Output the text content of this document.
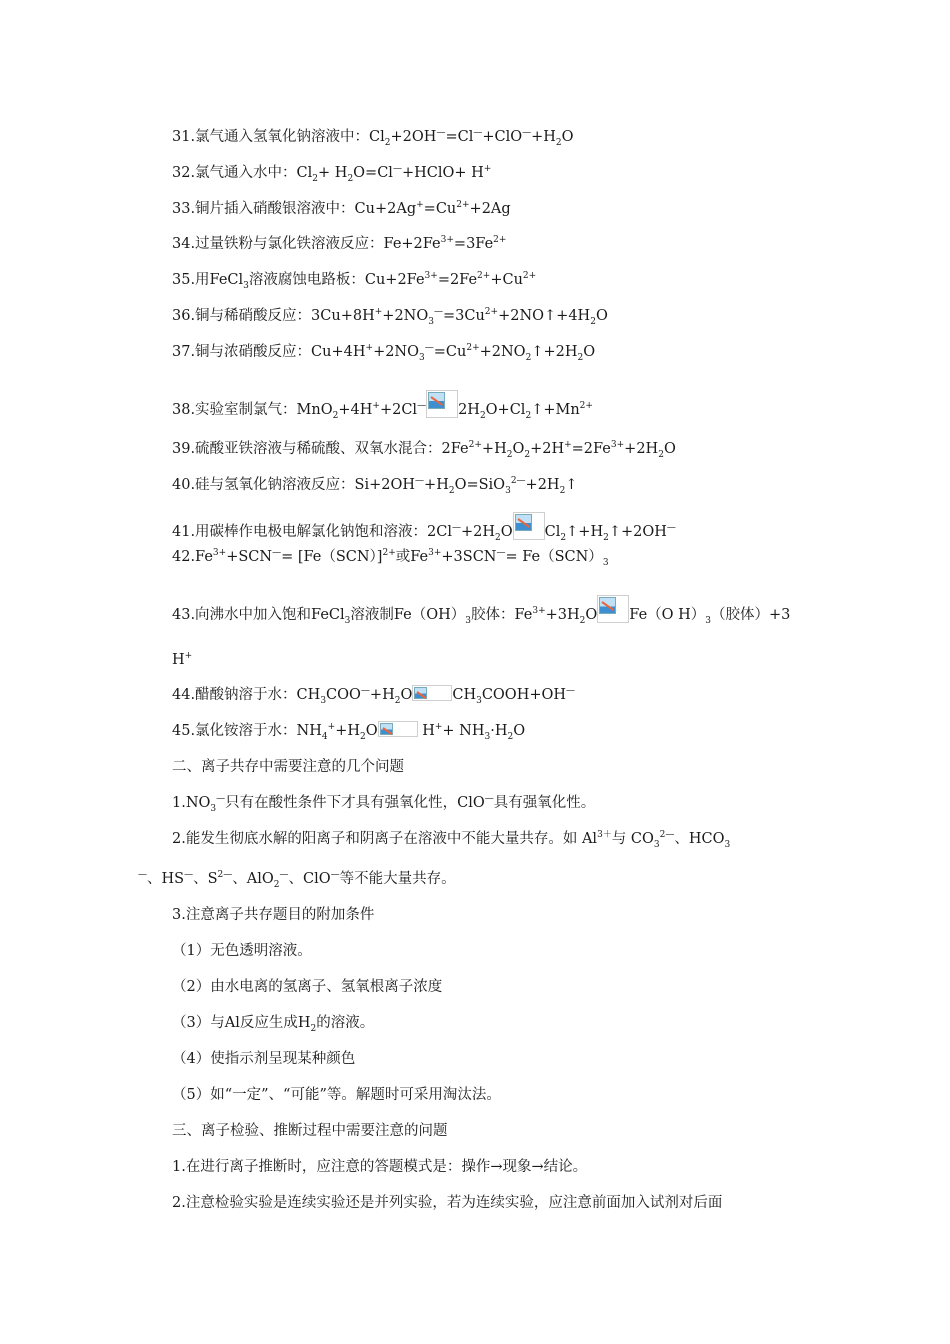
31.氯气通入氢氧化钠溶液中：$Cl_2+2OH^—=Cl^—+ClO^—+H_2O$
32.氯气通入水中：$Cl_2+$ $H_2O=Cl^—+HClO+ H^+$
33.铜片插入硝酸银溶液中：$Cu+2Ag^+=Cu^{2+}+2Ag$
34.过量铁粉与氯化铁溶液反应：$Fe+2Fe^{3+}=3Fe^{2+}$
35.用FeCl$_3$溶液腐蚀电路板：$Cu+2Fe^{3+}=2Fe^{2+}+Cu^{2+}$
36.铜与稀硝酸反应：$3Cu+8H^++2NO_3^—=3Cu^{2+}+2NO↑+4H_2O$
37.铜与浓硝酸反应：$Cu+4H^++2NO_3^—=Cu^{2+}+2NO_2↑+2H_2O$
38.实验室制氯气：MnO$_2$+4H++2Cl— $2H_2O+Cl_2↑+Mn^{2+}$
39.硫酸亚铁溶液与稀硫酸、双氧水混合：$2Fe^{2+}+H_2O_2+2H^+=2Fe^{3+}+2H_2O$
40.硅与氢氧化钠溶液反应：$Si+2OH^—+H_2O=SiO_3^{2—}+2H_2↑$
41.用碳棒作电极电解氯化钠饱和溶液：$2Cl^—+2H_2O$ $Cl_2↑+H_2↑+2OH^—$
$42.Fe^{3+}+SCN^—= [Fe(SCN)]^{2+}$或$Fe^{3+}+3SCN^—= Fe(SCN)_3$
43.向沸水中加入饱和FeCl$_3$溶液制$Fe(OH)_3$胶体：$Fe^{3+}+3H_2O$ Fe（O $H)_3$（胶体）+3
H+
44.醋酸钠溶于水：$CH_3COO^—+H_2O$	$CH_3COOH+OH^—$
45.氯化铵溶于水：$NH_4^++H_2O$	$H^++ NH_3\cdot H_2O$
二、离子共存中需要注意的几个问题
$1.NO_3^—$只有在酸性条件下才具有强氧化性，ClO—具有强氧化性。
2.能发生彻底水解的阳离子和阴离子在溶液中不能大量共存。如 $Al^{3+}$与 $CO_3^{2—}$、$HCO_3$
—、HS—、$S^{2—}$、AlO$_2$—、ClO—等不能大量共存。
3.注意离子共存题目的附加条件
（1）无色透明溶液。
（2）由水电离的氢离子、氢氧根离子浓度
（3）与Al反应生成$H_2$的溶液。
（4）使指示剂呈现某种颜色
（5）如“一定”、“可能”等。解题时可采用淘汰法。
三、离子检验、推断过程中需要注意的问题
1.在进行离子推断时，应注意的答题模式是：操作→现象→结论。
2.注意检验实验是连续实验还是并列实验，若为连续实验，应注意前面加入试剂对后面
